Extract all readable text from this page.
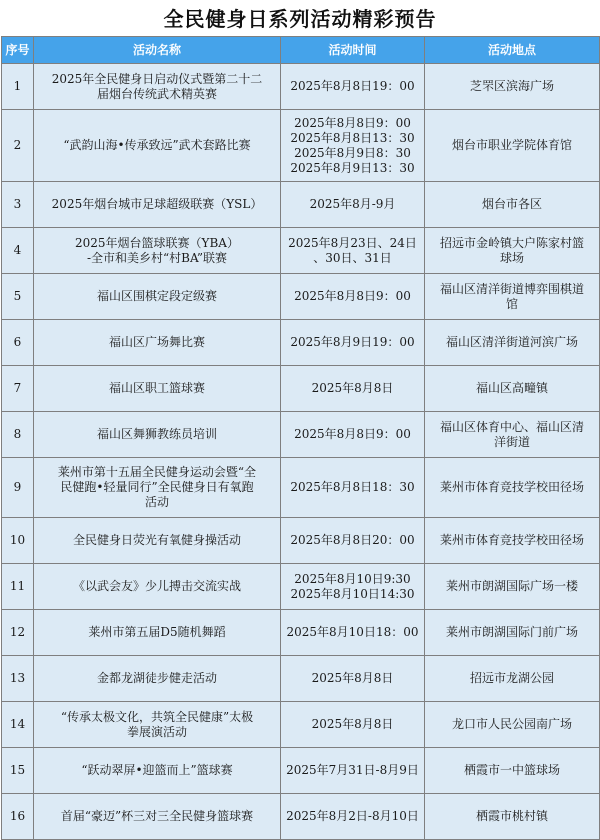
全民健身日系列活动精彩预告
序号	活动名称	活动时间	活动地点
1	2025年全民健身日启动仪式暨第二十二
届烟台传统武术精英赛	2025年8月8日19：00	芝罘区滨海广场

2	“武韵山海•传承致远”武术套路比赛	2025年8月8日9：00
2025年8月8日13：30
2025年8月9日8：30
2025年8月9日13：30	烟台市职业学院体育馆

3	2025年烟台城市足球超级联赛（YSL）	2025年8月-9月	烟台市各区

4	2025年烟台篮球联赛（YBA）
-全市和美乡村“村BA”联赛	2025年8月23日、24日
、30日、31日	招远市金岭镇大户陈家村篮
球场

5	福山区围棋定段定级赛	2025年8月8日9：00	福山区清洋街道博弈围棋道
馆

6	福山区广场舞比赛	2025年8月9日19：00	福山区清洋街道河滨广场

7	福山区职工篮球赛	2025年8月8日	福山区高疃镇

8	福山区舞狮教练员培训	2025年8月8日9：00	福山区体育中心、福山区清
洋街道

9	莱州市第十五届全民健身运动会暨“全
民健跑•轻量同行”全民健身日有氧跑
活动	2025年8月8日18：30	莱州市体育竞技学校田径场

10	全民健身日荧光有氧健身操活动	2025年8月8日20：00	莱州市体育竞技学校田径场

11	《以武会友》少儿搏击交流实战	2025年8月10日9:30
2025年8月10日14:30	莱州市朗湖国际广场一楼

12	莱州市第五届D5随机舞蹈	2025年8月10日18：00	莱州市朗湖国际门前广场

13	金都龙湖徒步健走活动	2025年8月8日	招远市龙湖公园

14	“传承太极文化，共筑全民健康”太极
拳展演活动	2025年8月8日	龙口市人民公园南广场

15	“跃动翠屏•迎篮而上”篮球赛	2025年7月31日-8月9日	栖霞市一中篮球场

16	首届“豪迈”杯三对三全民健身篮球赛	2025年8月2日-8月10日	栖霞市桃村镇
